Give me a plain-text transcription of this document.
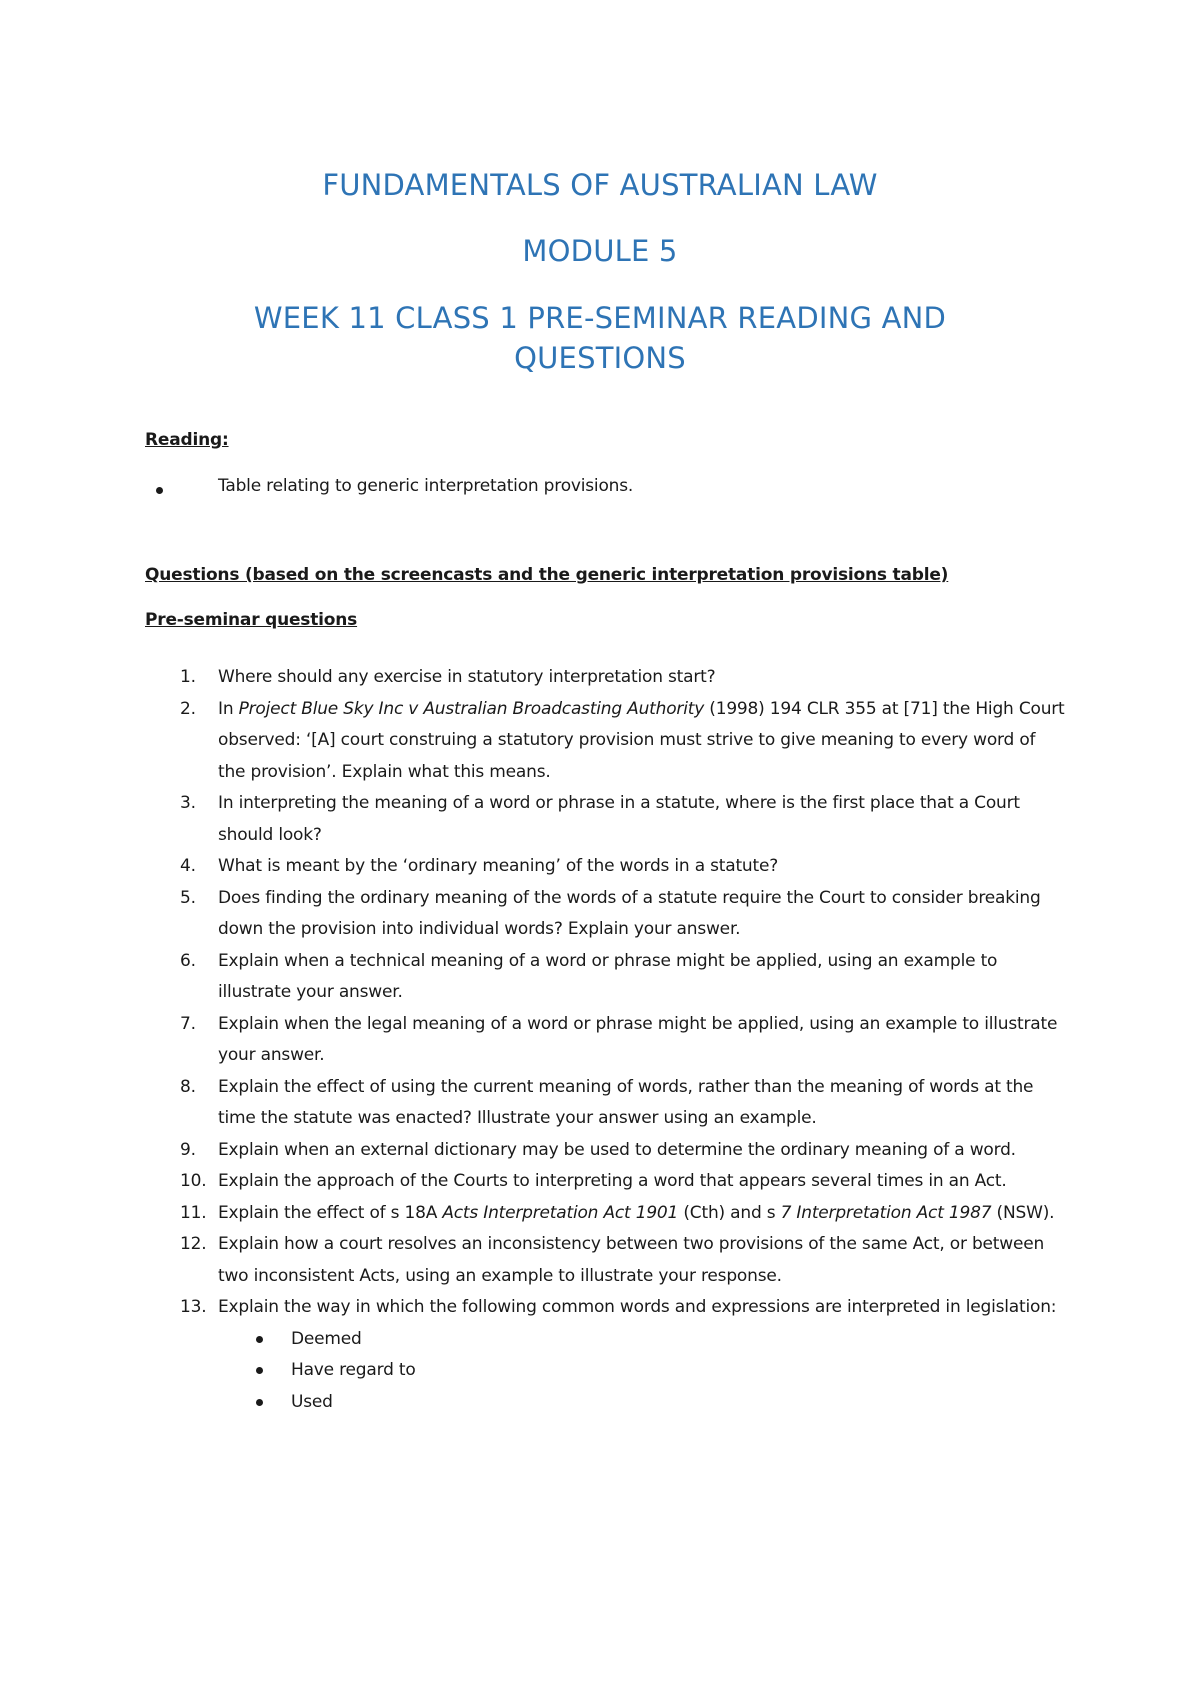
FUNDAMENTALS OF AUSTRALIAN LAW
MODULE 5
WEEK 11 CLASS 1 PRE-SEMINAR READING AND
QUESTIONS
Reading:
Table relating to generic interpretation provisions.
Questions (based on the screencasts and the generic interpretation provisions table)
Pre-seminar questions
1.	Where should any exercise in statutory interpretation start?
2.	In Project Blue Sky Inc v Australian Broadcasting Authority (1998) 194 CLR 355 at [71] the High Court observed: ‘[A] court construing a statutory provision must strive to give meaning to every word of the provision’. Explain what this means.
3.	In interpreting the meaning of a word or phrase in a statute, where is the first place that a Court should look?
4.	What is meant by the ‘ordinary meaning’ of the words in a statute?
5.	Does finding the ordinary meaning of the words of a statute require the Court to consider breaking down the provision into individual words? Explain your answer.
6.	Explain when a technical meaning of a word or phrase might be applied, using an example to illustrate your answer.
7.	Explain when the legal meaning of a word or phrase might be applied, using an example to illustrate your answer.
8.	Explain the effect of using the current meaning of words, rather than the meaning of words at the time the statute was enacted? Illustrate your answer using an example.
9.	Explain when an external dictionary may be used to determine the ordinary meaning of a word.
10. Explain the approach of the Courts to interpreting a word that appears several times in an Act.
11. Explain the effect of s 18A Acts Interpretation Act 1901 (Cth) and s 7 Interpretation Act 1987 (NSW).
12. Explain how a court resolves an inconsistency between two provisions of the same Act, or between two inconsistent Acts, using an example to illustrate your response.
13. Explain the way in which the following common words and expressions are interpreted in legislation:
Deemed
Have regard to
Used
